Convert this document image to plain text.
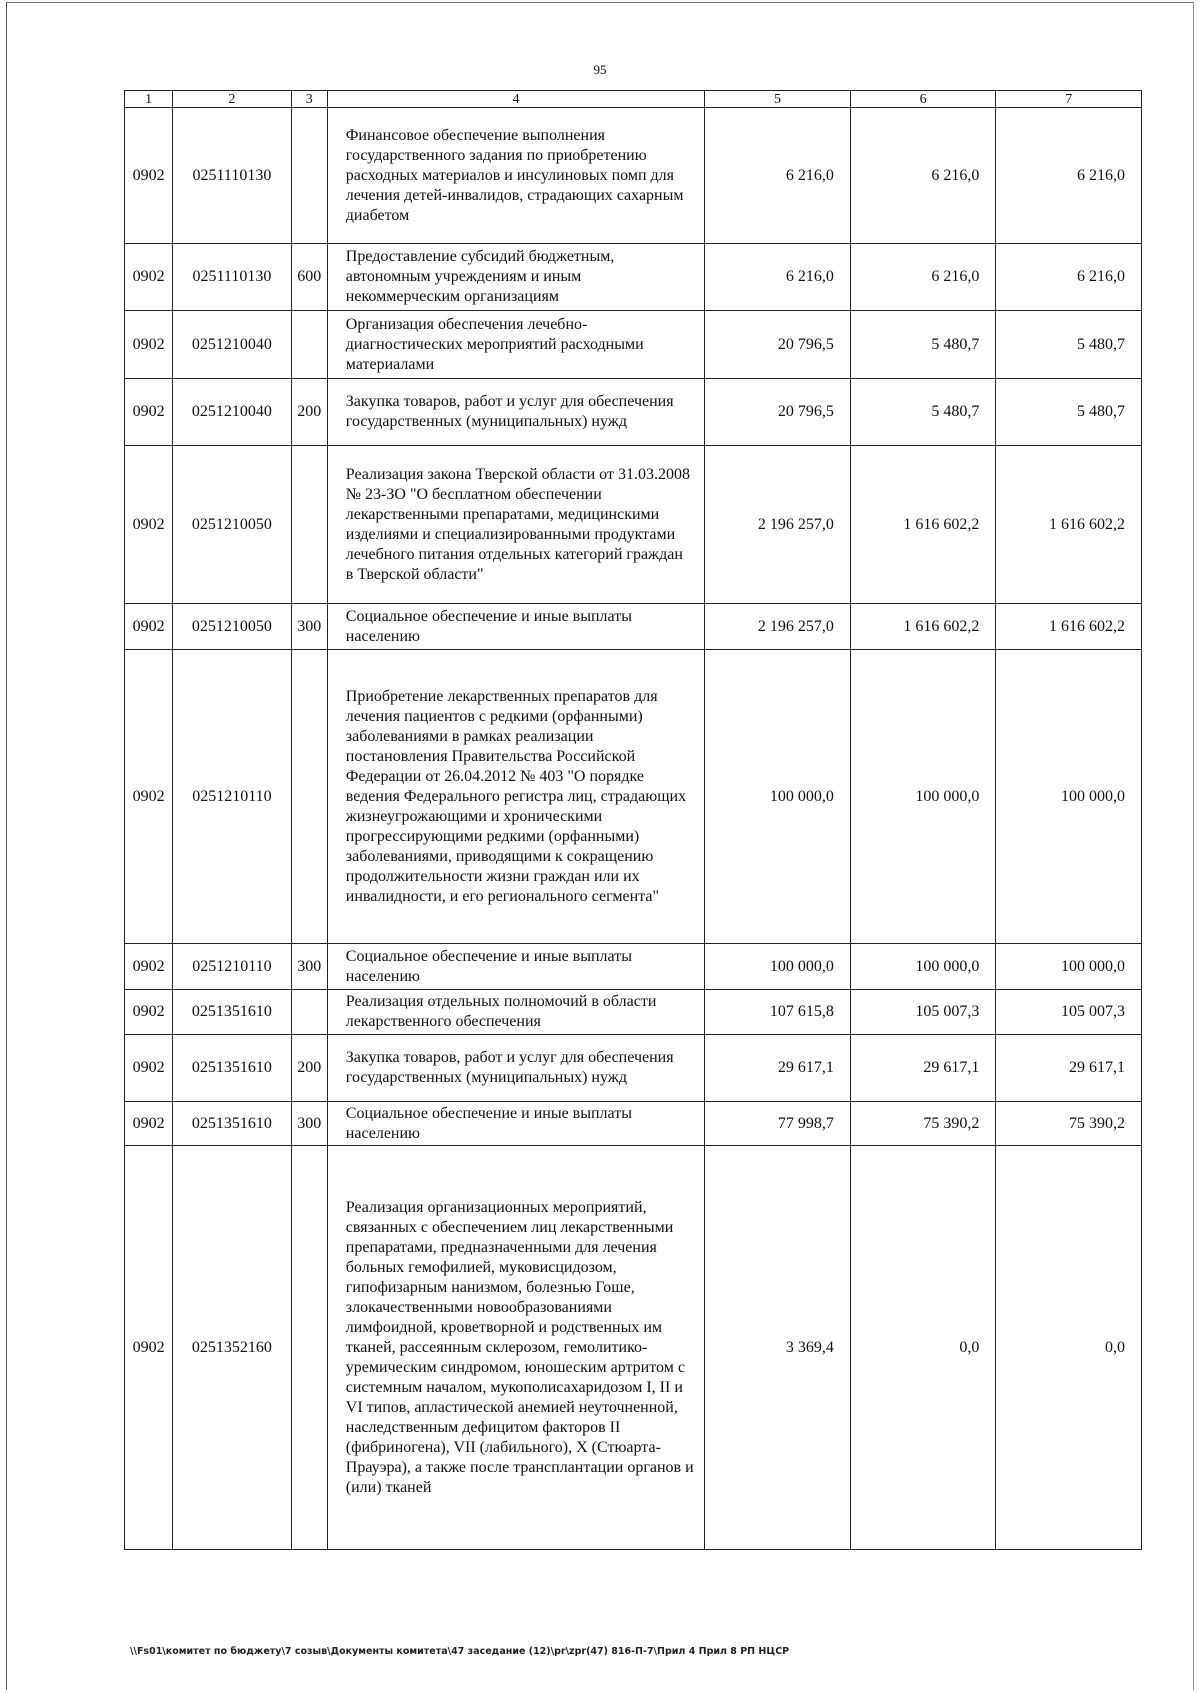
95
1	2	3	4	5	6	7
0902	0251110130		Финансовое обеспечение выполнения государственного задания по приобретению расходных материалов и инсулиновых помп для лечения детей-инвалидов, страдающих сахарным диабетом	6 216,0	6 216,0	6 216,0
0902	0251110130	600	Предоставление субсидий бюджетным, автономным учреждениям и иным некоммерческим организациям	6 216,0	6 216,0	6 216,0
0902	0251210040		Организация обеспечения лечебно-диагностических мероприятий расходными материалами	20 796,5	5 480,7	5 480,7
0902	0251210040	200	Закупка товаров, работ и услуг для обеспечения государственных (муниципальных) нужд	20 796,5	5 480,7	5 480,7
0902	0251210050		Реализация закона Тверской области от 31.03.2008 № 23-ЗО "О бесплатном обеспечении лекарственными препаратами, медицинскими изделиями и специализированными продуктами лечебного питания отдельных категорий граждан в Тверской области"	2 196 257,0	1 616 602,2	1 616 602,2
0902	0251210050	300	Социальное обеспечение и иные выплаты населению	2 196 257,0	1 616 602,2	1 616 602,2
0902	0251210110		Приобретение лекарственных препаратов для лечения пациентов с редкими (орфанными) заболеваниями в рамках реализации постановления Правительства Российской Федерации от 26.04.2012 № 403 "О порядке ведения Федерального регистра лиц, страдающих жизнеугрожающими и хроническими прогрессирующими редкими (орфанными) заболеваниями, приводящими к сокращению продолжительности жизни граждан или их инвалидности, и его регионального сегмента"	100 000,0	100 000,0	100 000,0
0902	0251210110	300	Социальное обеспечение и иные выплаты населению	100 000,0	100 000,0	100 000,0
0902	0251351610		Реализация отдельных полномочий в области лекарственного обеспечения	107 615,8	105 007,3	105 007,3
0902	0251351610	200	Закупка товаров, работ и услуг для обеспечения государственных (муниципальных) нужд	29 617,1	29 617,1	29 617,1
0902	0251351610	300	Социальное обеспечение и иные выплаты населению	77 998,7	75 390,2	75 390,2
0902	0251352160		Реализация организационных мероприятий, связанных с обеспечением лиц лекарственными препаратами, предназначенными для лечения больных гемофилией, муковисцидозом, гипофизарным нанизмом, болезнью Гоше, злокачественными новообразованиями лимфоидной, кроветворной и родственных им тканей, рассеянным склерозом, гемолитико-уремическим синдромом, юношеским артритом с системным началом, мукополисахаридозом I, II и VI типов, апластической анемией неуточненной, наследственным дефицитом факторов II (фибриногена), VII (лабильного), X (Стюарта-Прауэра), а также после трансплантации органов и (или) тканей	3 369,4	0,0	0,0
\\Fs01\комитет по бюджету\7 созыв\Документы комитета\47 заседание (12)\pr\zpr(47) 816-П-7\Прил 4 Прил 8 РП НЦСР
